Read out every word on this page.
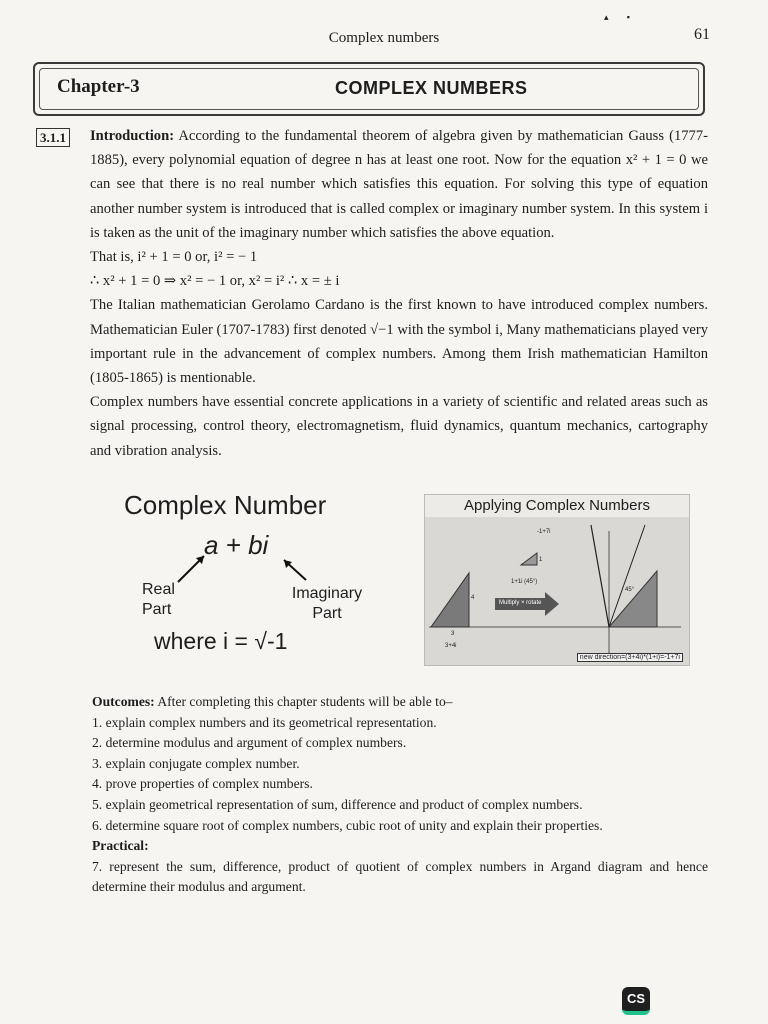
▴ ▪
Complex numbers	61
Chapter-3	COMPLEX NUMBERS
3.1.1 Introduction: According to the fundamental theorem of algebra given by mathematician Gauss (1777-1885), every polynomial equation of degree n has at least one root. Now for the equation x² + 1 = 0 we can see that there is no real number which satisfies this equation. For solving this type of equation another number system is introduced that is called complex or imaginary number system. In this system i is taken as the unit of the imaginary number which satisfies the above equation.

That is, i² + 1 = 0 or, i² = − 1

∴ x² + 1 = 0 ⇒ x² = − 1 or, x² = i² ∴ x = ± i

The Italian mathematician Gerolamo Cardano is the first known to have introduced complex numbers. Mathematician Euler (1707-1783) first denoted √−1 with the symbol i, Many mathematicians played very important rule in the advancement of complex numbers. Among them Irish mathematician Hamilton (1805-1865) is mentionable.

Complex numbers have essential concrete applications in a variety of scientific and related areas such as signal processing, control theory, electromagnetism, fluid dynamics, quantum mechanics, cartography and vibration analysis.

Complex Number
a + bi
Real Part
Imaginary Part
where i = √-1
Applying Complex Numbers
-1+7i
1
1+1i (45°)
4
Multiply × rotate
45°
3
3+4i
new direction=(3+4i)*(1+i)=-1+7i

Outcomes: After completing this chapter students will be able to–

1. explain complex numbers and its geometrical representation.

2. determine modulus and argument of complex numbers.

3. explain conjugate complex number.

4. prove properties of complex numbers.

5. explain geometrical representation of sum, difference and product of complex numbers.

6. determine square root of complex numbers, cubic root of unity and explain their properties.

Practical:

7. represent the sum, difference, product of quotient of complex numbers in Argand diagram and hence determine their modulus and argument.

CS
